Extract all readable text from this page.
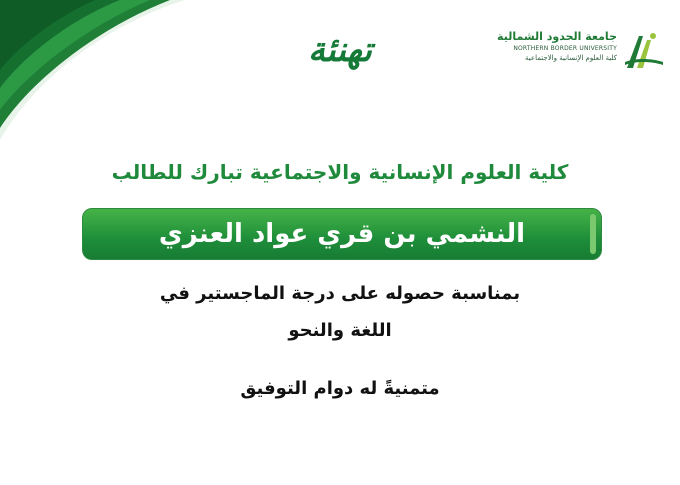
جامعة الحدود الشمالية
NORTHERN BORDER UNIVERSITY
كلية العلوم الإنسانية والاجتماعية
تهنئة
كلية العلوم الإنسانية والاجتماعية تبارك للطالب
النشمي بن قري عواد العنزي
بمناسبة حصوله على درجة الماجستير في
اللغة والنحو
متمنيةً له دوام التوفيق
